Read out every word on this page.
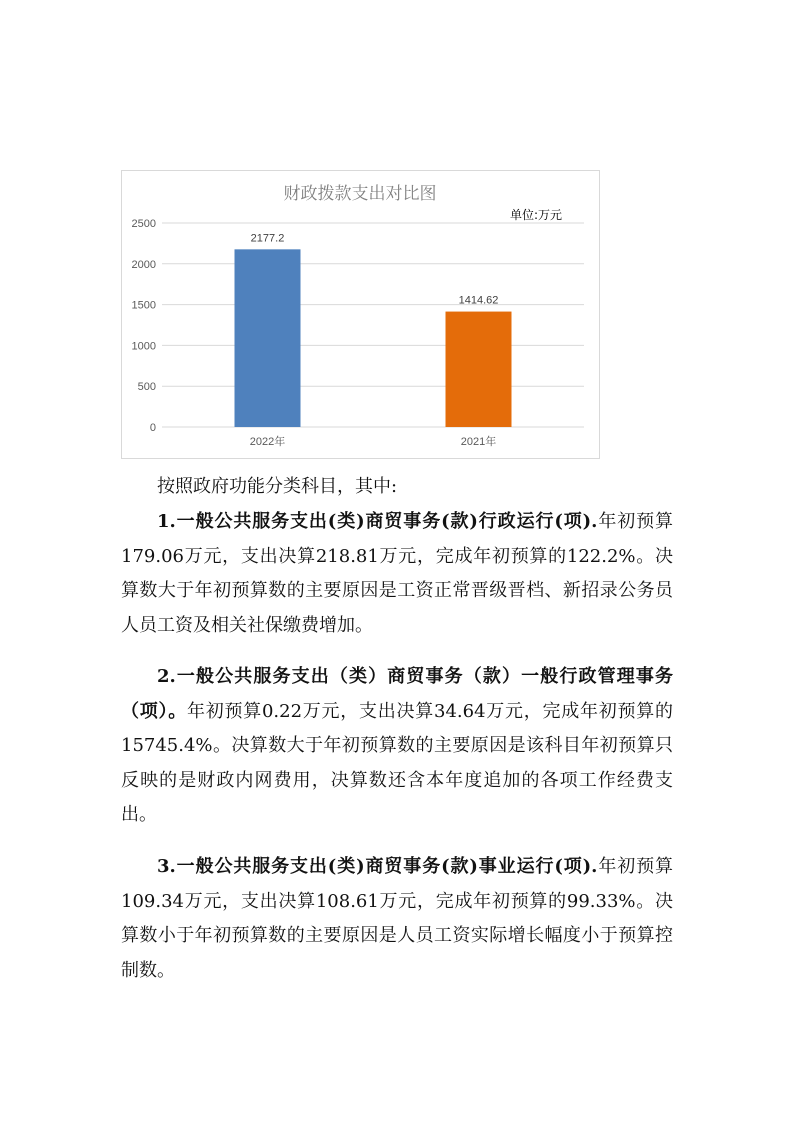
财政拨款支出对比图
单位:万元
0
500
1000
1500
2000
2500
2177.2
1414.62
2022年	2021年

按照政府功能分类科目，其中:

1.一般公共服务支出(类)商贸事务(款)行政运行(项).年初预算179.06万元，支出决算218.81万元，完成年初预算的122.2%。决算数大于年初预算数的主要原因是工资正常晋级晋档、新招录公务员人员工资及相关社保缴费增加。

2.一般公共服务支出（类）商贸事务（款）一般行政管理事务（项）。年初预算0.22万元，支出决算34.64万元，完成年初预算的15745.4%。决算数大于年初预算数的主要原因是该科目年初预算只反映的是财政内网费用，决算数还含本年度追加的各项工作经费支出。

3.一般公共服务支出(类)商贸事务(款)事业运行(项).年初预算109.34万元，支出决算108.61万元，完成年初预算的99.33%。决算数小于年初预算数的主要原因是人员工资实际增长幅度小于预算控制数。
